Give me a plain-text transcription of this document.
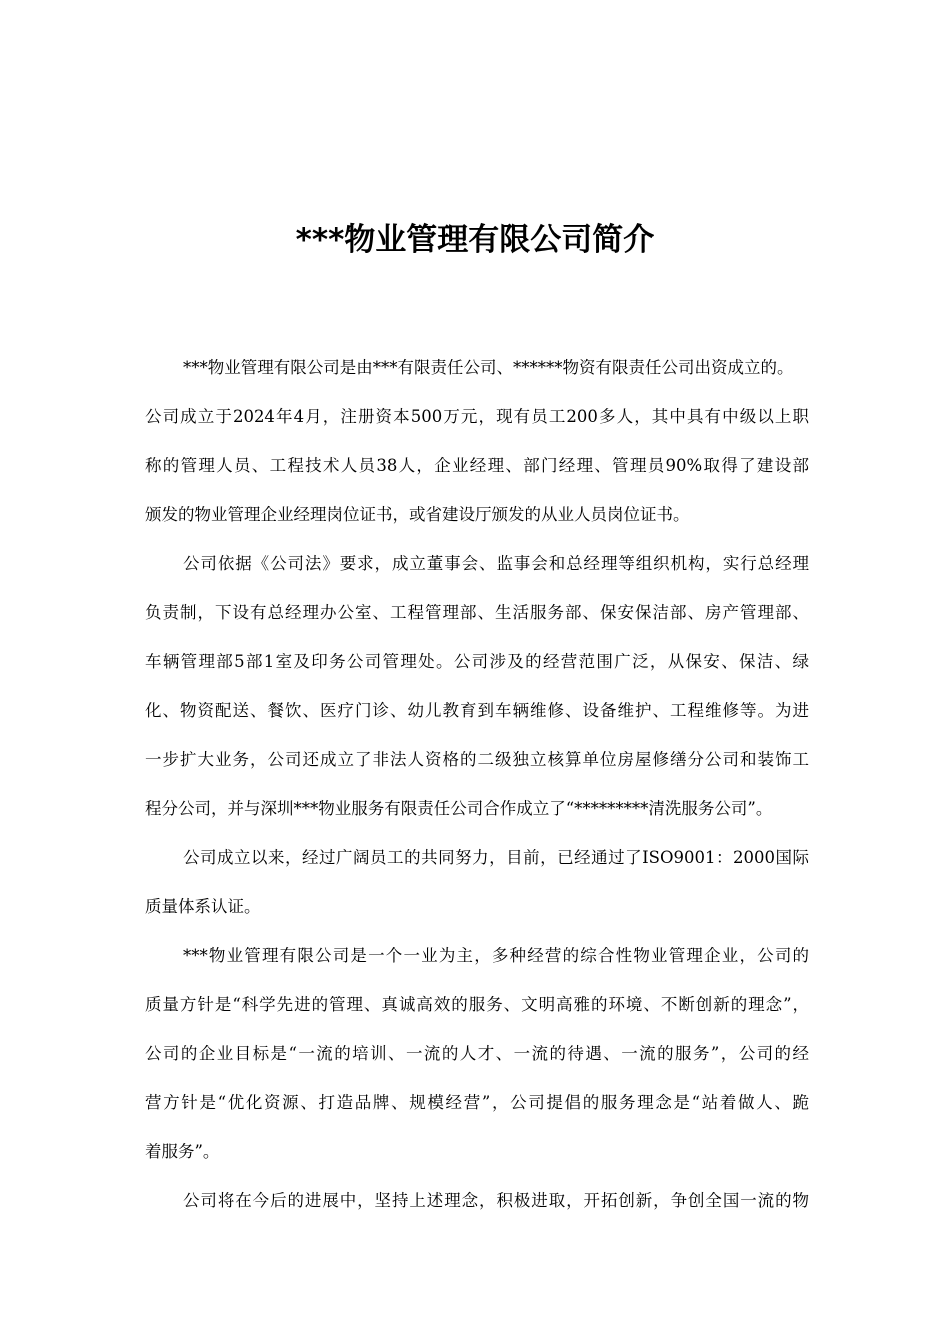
***物业管理有限公司简介
***物业管理有限公司是由***有限责任公司、******物资有限责任公司出资成立的。
公司成立于2024年4月，注册资本500万元，现有员工200多人，其中具有中级以上职
称的管理人员、工程技术人员38人，企业经理、部门经理、管理员90%取得了建设部
颁发的物业管理企业经理岗位证书，或省建设厅颁发的从业人员岗位证书。
公司依据《公司法》要求，成立董事会、监事会和总经理等组织机构，实行总经理
负责制，下设有总经理办公室、工程管理部、生活服务部、保安保洁部、房产管理部、
车辆管理部5部1室及印务公司管理处。公司涉及的经营范围广泛，从保安、保洁、绿
化、物资配送、餐饮、医疗门诊、幼儿教育到车辆维修、设备维护、工程维修等。为进
一步扩大业务，公司还成立了非法人资格的二级独立核算单位房屋修缮分公司和装饰工
程分公司，并与深圳***物业服务有限责任公司合作成立了“*********清洗服务公司”。
公司成立以来，经过广阔员工的共同努力，目前，已经通过了ISO9001：2000国际
质量体系认证。
***物业管理有限公司是一个一业为主，多种经营的综合性物业管理企业，公司的
质量方针是“科学先进的管理、真诚高效的服务、文明高雅的环境、不断创新的理念”，
公司的企业目标是“一流的培训、一流的人才、一流的待遇、一流的服务”，公司的经
营方针是“优化资源、打造品牌、规模经营”，公司提倡的服务理念是“站着做人、跪
着服务”。
公司将在今后的进展中，坚持上述理念，积极进取，开拓创新，争创全国一流的物
